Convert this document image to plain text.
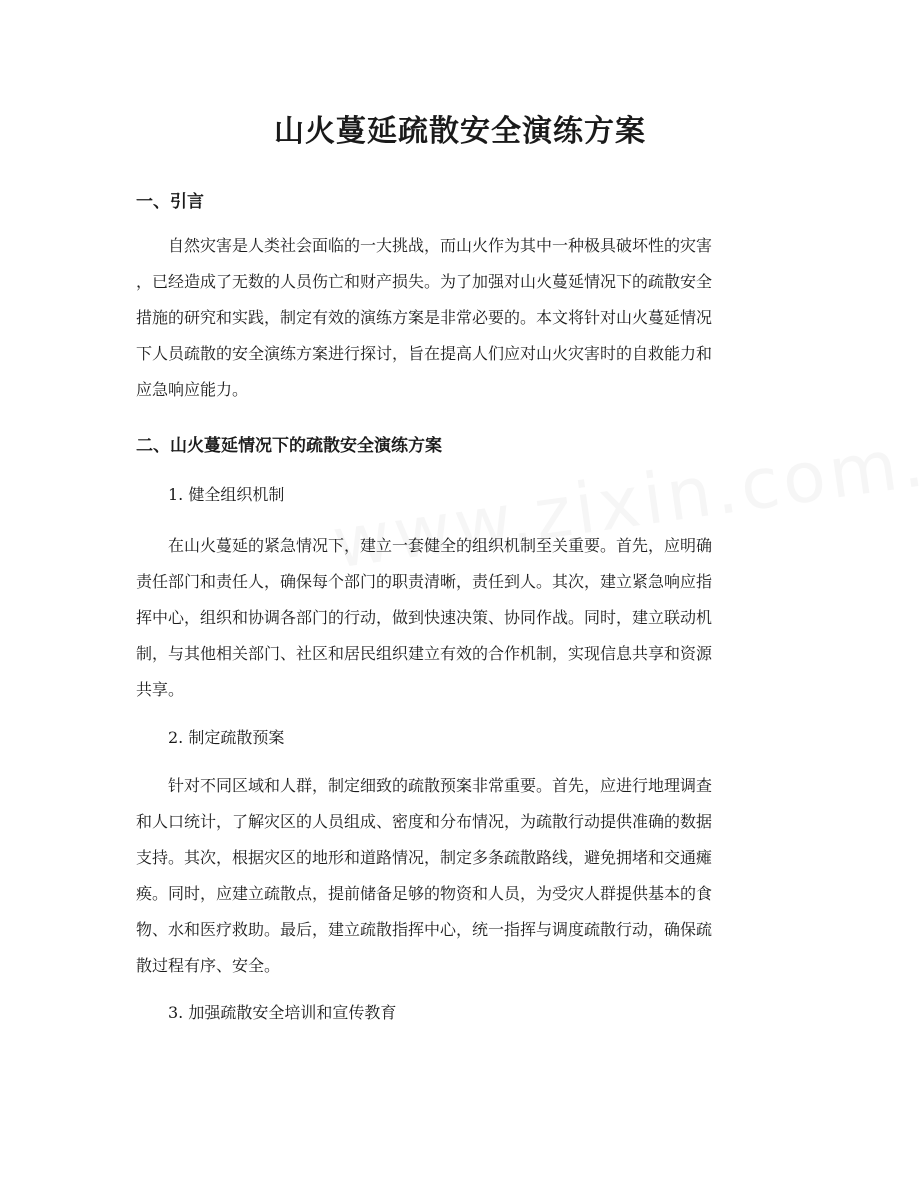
山火蔓延疏散安全演练方案
一、引言

　　自然灾害是人类社会面临的一大挑战，而山火作为其中一种极具破坏性的灾害
，已经造成了无数的人员伤亡和财产损失。为了加强对山火蔓延情况下的疏散安全
措施的研究和实践，制定有效的演练方案是非常必要的。本文将针对山火蔓延情况
下人员疏散的安全演练方案进行探讨，旨在提高人们应对山火灾害时的自救能力和
应急响应能力。

二、山火蔓延情况下的疏散安全演练方案

1. 健全组织机制

　　在山火蔓延的紧急情况下，建立一套健全的组织机制至关重要。首先，应明确
责任部门和责任人，确保每个部门的职责清晰，责任到人。其次，建立紧急响应指
挥中心，组织和协调各部门的行动，做到快速决策、协同作战。同时，建立联动机
制，与其他相关部门、社区和居民组织建立有效的合作机制，实现信息共享和资源
共享。

2. 制定疏散预案

　　针对不同区域和人群，制定细致的疏散预案非常重要。首先，应进行地理调查
和人口统计，了解灾区的人员组成、密度和分布情况，为疏散行动提供准确的数据
支持。其次，根据灾区的地形和道路情况，制定多条疏散路线，避免拥堵和交通瘫
痪。同时，应建立疏散点，提前储备足够的物资和人员，为受灾人群提供基本的食
物、水和医疗救助。最后，建立疏散指挥中心，统一指挥与调度疏散行动，确保疏
散过程有序、安全。

3. 加强疏散安全培训和宣传教育
